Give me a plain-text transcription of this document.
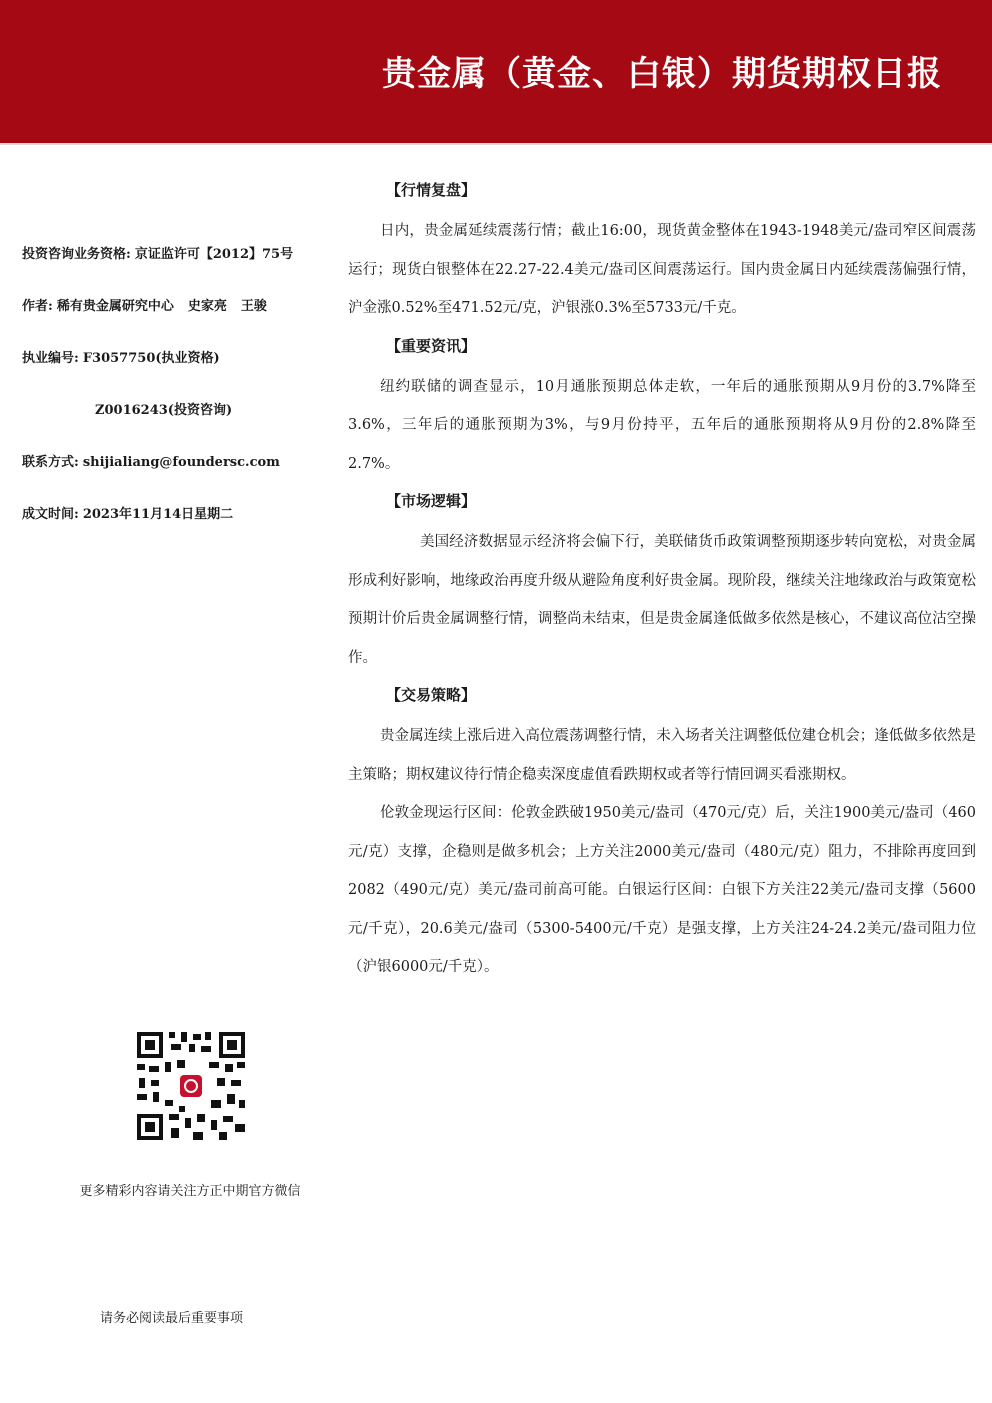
贵金属（黄金、白银）期货期权日报
投资咨询业务资格: 京证监许可【2012】75号
作者: 稀有贵金属研究中心 史家亮 王骏
执业编号: F3057750(执业资格)
Z0016243(投资咨询)
联系方式: shijialiang@foundersc.com
成文时间: 2023年11月14日星期二
更多精彩内容请关注方正中期官方微信
请务必阅读最后重要事项
【行情复盘】

日内，贵金属延续震荡行情；截止16:00，现货黄金整体在1943-1948美元/盎司窄区间震荡运行；现货白银整体在22.27-22.4美元/盎司区间震荡运行。国内贵金属日内延续震荡偏强行情，沪金涨0.52%至471.52元/克，沪银涨0.3%至5733元/千克。

【重要资讯】

纽约联储的调查显示，10月通胀预期总体走软，一年后的通胀预期从9月份的3.7%降至3.6%，三年后的通胀预期为3%，与9月份持平，五年后的通胀预期将从9月份的2.8%降至2.7%。

【市场逻辑】

美国经济数据显示经济将会偏下行，美联储货币政策调整预期逐步转向宽松，对贵金属形成利好影响，地缘政治再度升级从避险角度利好贵金属。现阶段，继续关注地缘政治与政策宽松预期计价后贵金属调整行情，调整尚未结束，但是贵金属逢低做多依然是核心，不建议高位沽空操作。

【交易策略】

贵金属连续上涨后进入高位震荡调整行情，未入场者关注调整低位建仓机会；逢低做多依然是主策略；期权建议待行情企稳卖深度虚值看跌期权或者等行情回调买看涨期权。

伦敦金现运行区间：伦敦金跌破1950美元/盎司（470元/克）后，关注1900美元/盎司（460元/克）支撑，企稳则是做多机会；上方关注2000美元/盎司（480元/克）阻力，不排除再度回到2082（490元/克）美元/盎司前高可能。白银运行区间：白银下方关注22美元/盎司支撑（5600元/千克），20.6美元/盎司（5300-5400元/千克）是强支撑，上方关注24-24.2美元/盎司阻力位（沪银6000元/千克）。
